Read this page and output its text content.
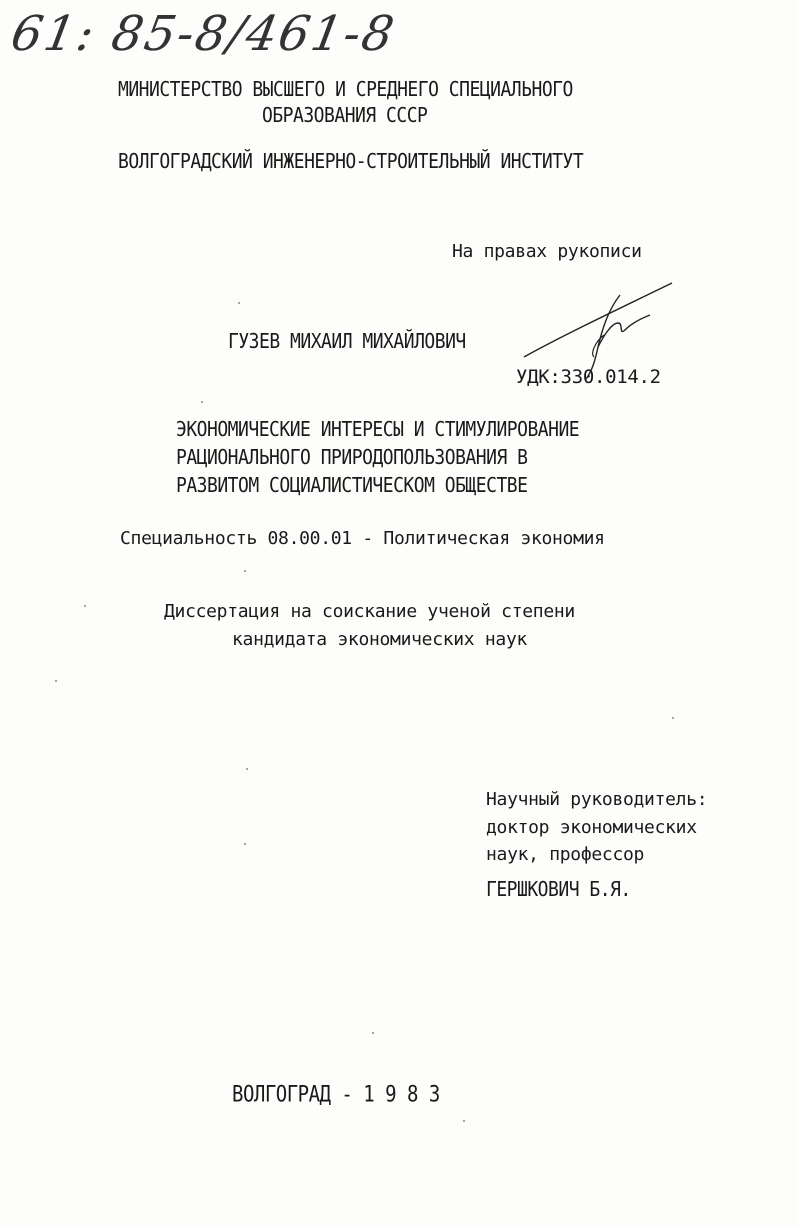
61: 85-8/461-8
МИНИСТЕРСТВО ВЫСШЕГО И СРЕДНЕГО СПЕЦИАЛЬНОГО
ОБРАЗОВАНИЯ СССР
ВОЛГОГРАДСКИЙ ИНЖЕНЕРНО-СТРОИТЕЛЬНЫЙ ИНСТИТУТ
На правах рукописи
ГУЗЕВ МИХАИЛ МИХАЙЛОВИЧ
УДК:330.014.2
ЭКОНОМИЧЕСКИЕ ИНТЕРЕСЫ И СТИМУЛИРОВАНИЕ
РАЦИОНАЛЬНОГО ПРИРОДОПОЛЬЗОВАНИЯ В
РАЗВИТОМ СОЦИАЛИСТИЧЕСКОМ ОБЩЕСТВЕ
Специальность 08.00.01 - Политическая экономия
Диссертация на соискание ученой степени
кандидата экономических наук
Научный руководитель:
доктор экономических
наук, профессор
ГЕРШКОВИЧ Б.Я.
ВОЛГОГРАД - 1 9 8 3
